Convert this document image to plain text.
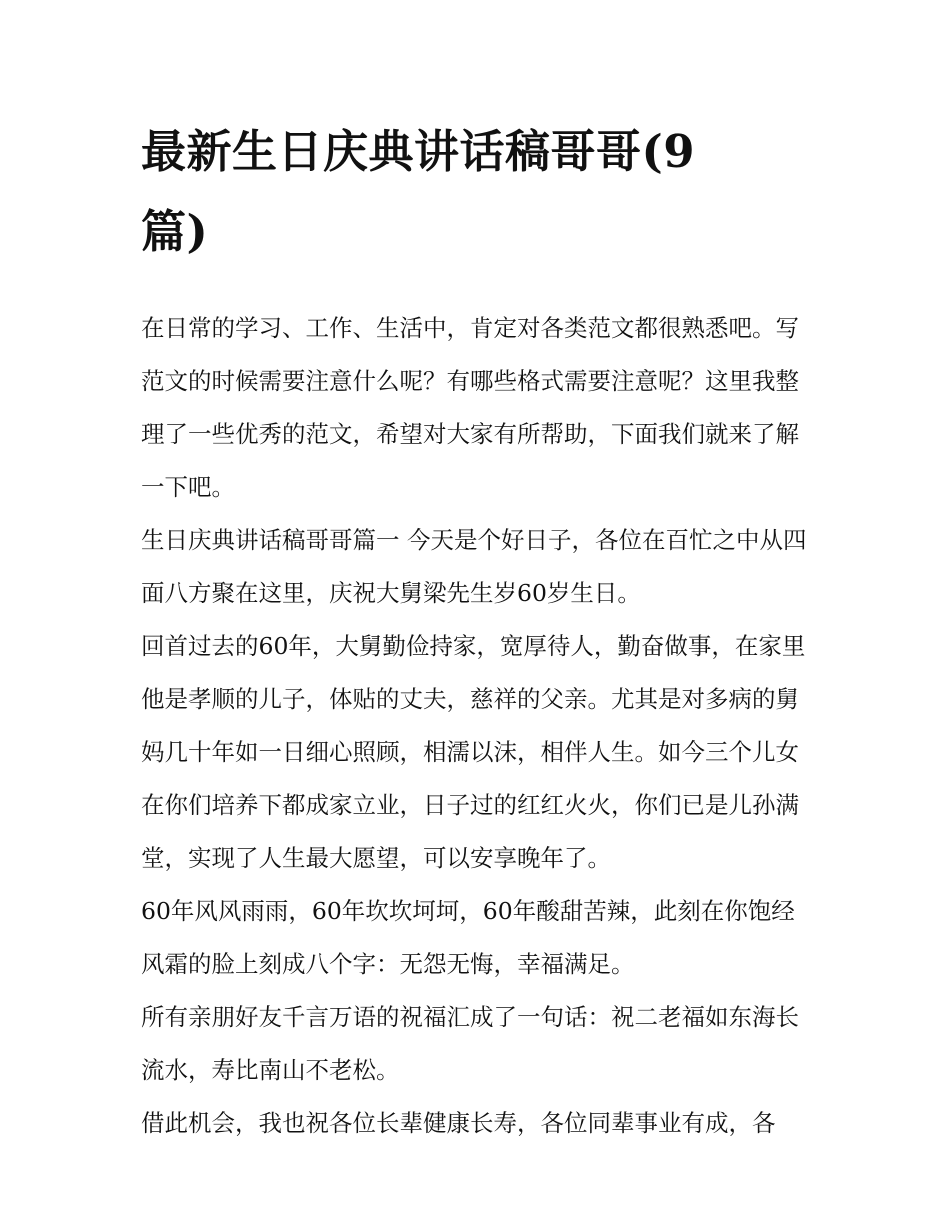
最新生日庆典讲话稿哥哥(9篇)

在日常的学习、工作、生活中，肯定对各类范文都很熟悉吧。写范文的时候需要注意什么呢？有哪些格式需要注意呢？这里我整理了一些优秀的范文，希望对大家有所帮助，下面我们就来了解一下吧。

生日庆典讲话稿哥哥篇一 今天是个好日子，各位在百忙之中从四面八方聚在这里，庆祝大舅梁先生岁60岁生日。

回首过去的60年，大舅勤俭持家，宽厚待人，勤奋做事，在家里他是孝顺的儿子，体贴的丈夫，慈祥的父亲。尤其是对多病的舅妈几十年如一日细心照顾，相濡以沫，相伴人生。如今三个儿女在你们培养下都成家立业，日子过的红红火火，你们已是儿孙满堂，实现了人生最大愿望，可以安享晚年了。

60年风风雨雨，60年坎坎坷坷，60年酸甜苦辣，此刻在你饱经风霜的脸上刻成八个字：无怨无悔，幸福满足。

所有亲朋好友千言万语的祝福汇成了一句话：祝二老福如东海长流水，寿比南山不老松。

借此机会，我也祝各位长辈健康长寿，各位同辈事业有成，各
